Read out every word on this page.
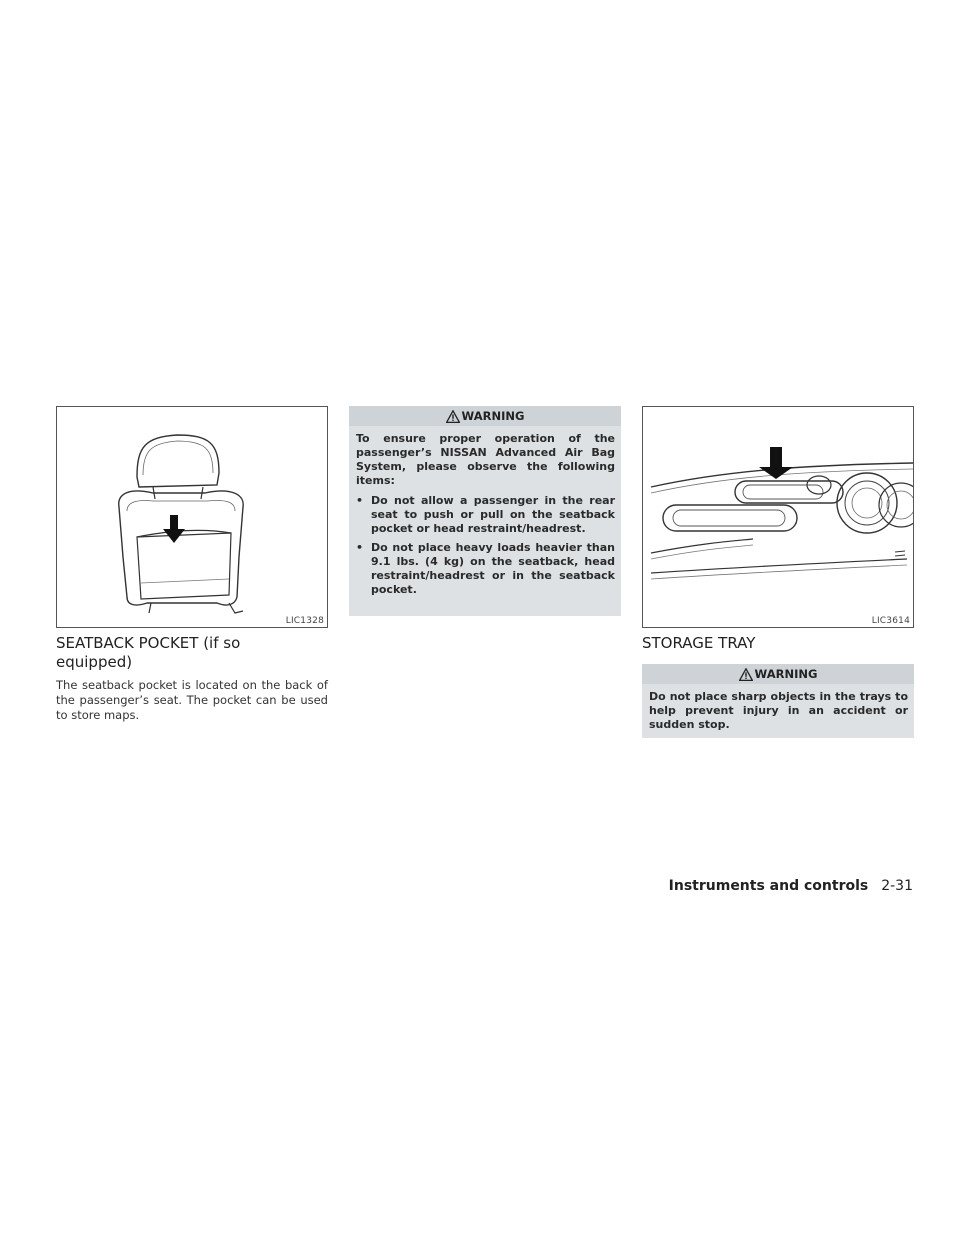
LIC1328
SEATBACK POCKET (if so
equipped)

The seatback pocket is located on the back of the passenger’s seat. The pocket can be used to store maps.

WARNING

To ensure proper operation of the passenger’s NISSAN Advanced Air Bag System, please observe the following items:

• Do not allow a passenger in the rear seat to push or pull on the seatback pocket or head restraint/headrest.
• Do not place heavy loads heavier than 9.1 lbs. (4 kg) on the seatback, head restraint/headrest or in the seatback pocket.
LIC3614
STORAGE TRAY
WARNING

Do not place sharp objects in the trays to help prevent injury in an accident or sudden stop.

Instruments and controls 2-31
